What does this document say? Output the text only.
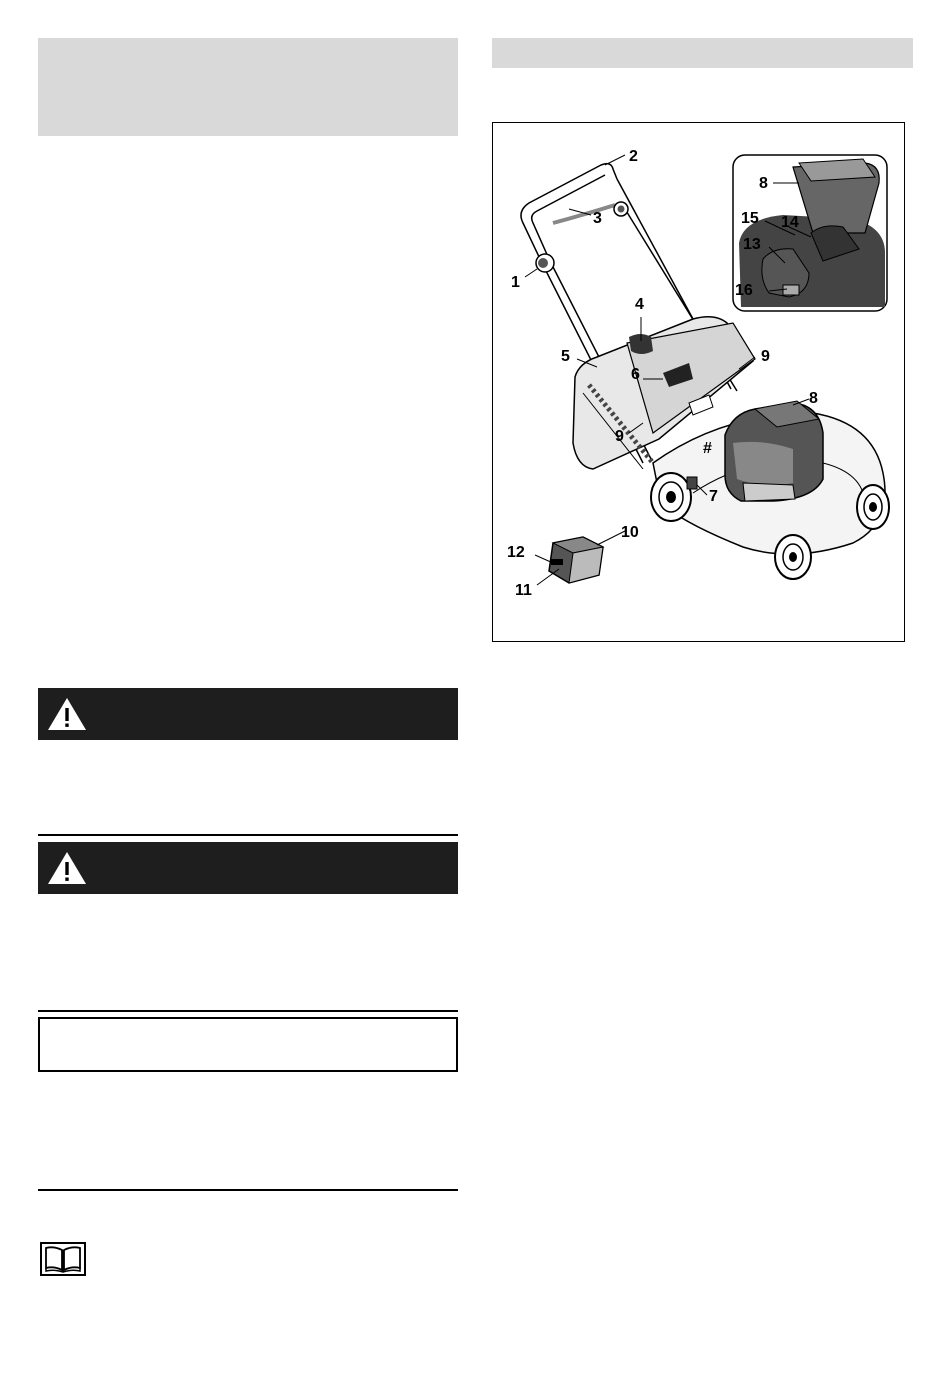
2
3
1
4
5
6
9
9
8
#
7
10
12
11
8
15 14
13
16
